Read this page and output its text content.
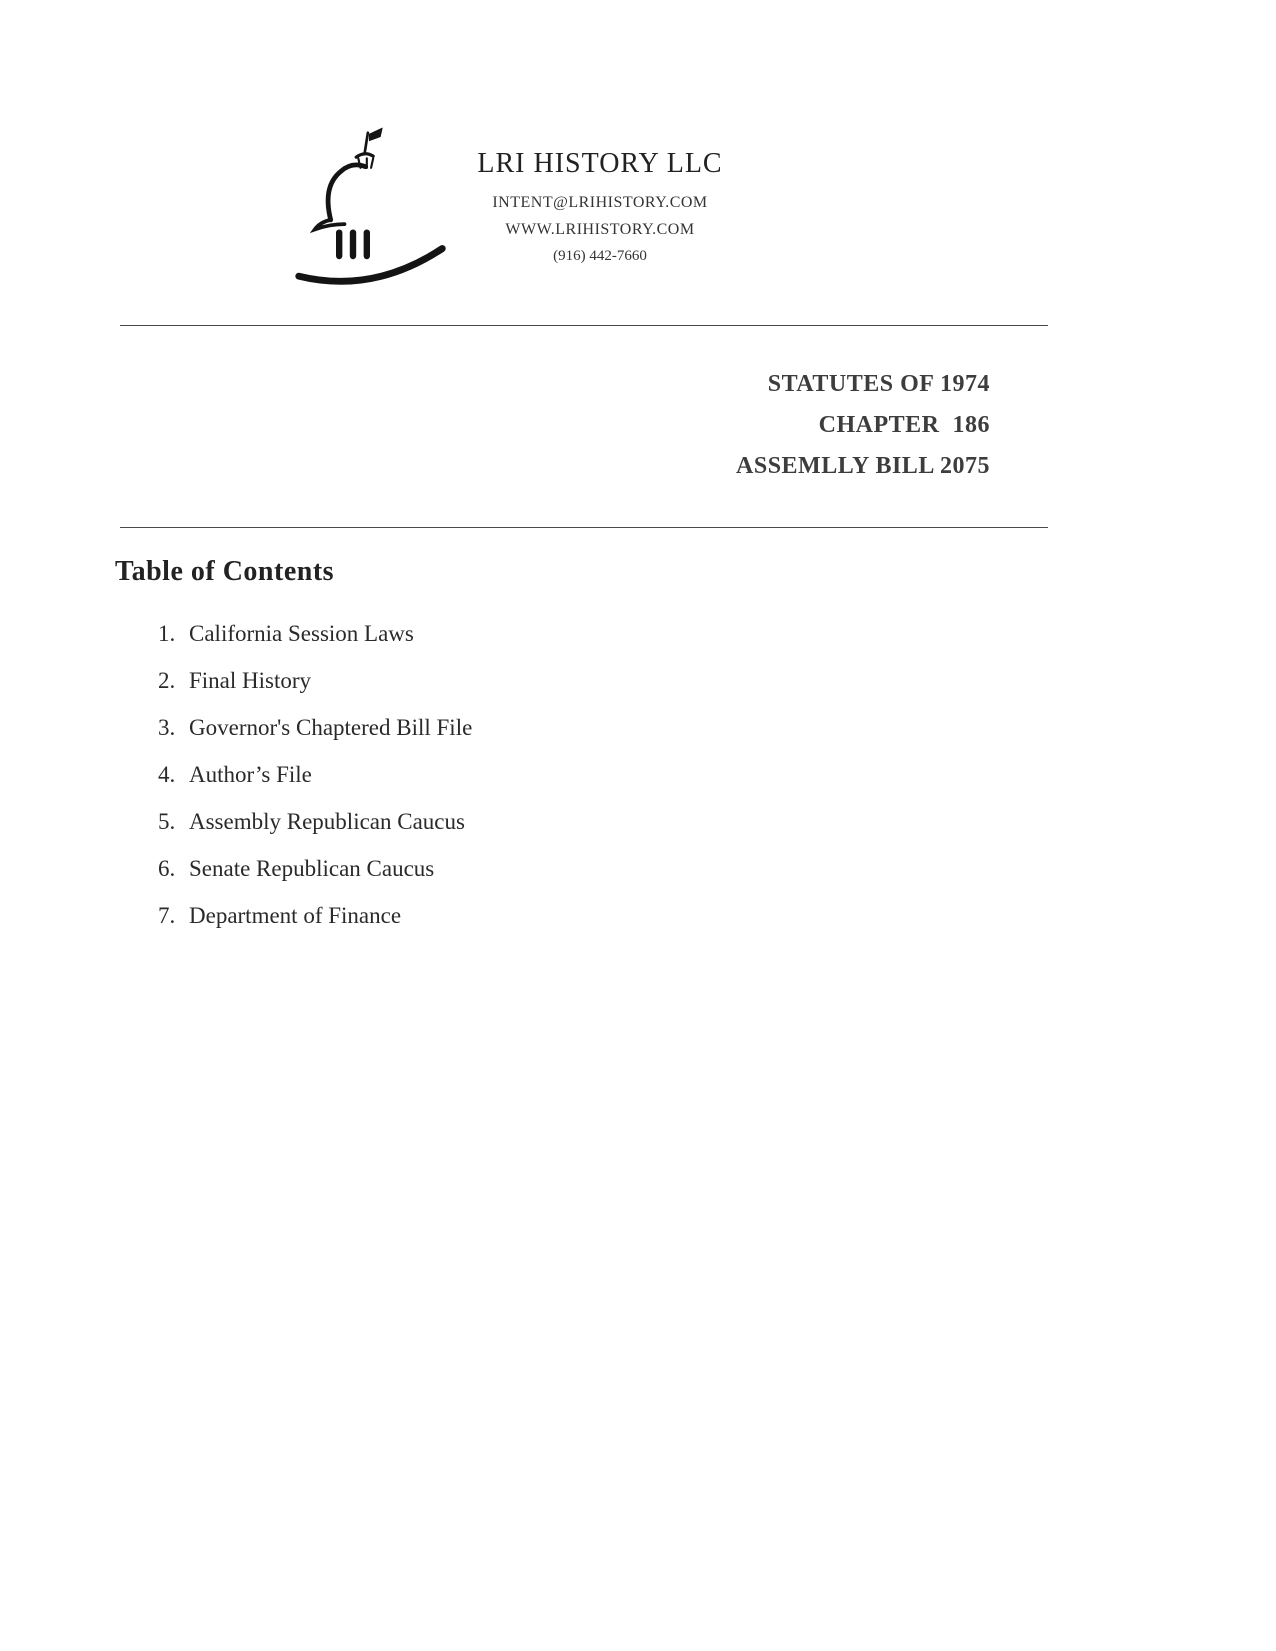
LRI HISTORY LLC
INTENT@LRIHISTORY.COM
WWW.LRIHISTORY.COM
(916) 442-7660
STATUTES OF 1974
CHAPTER  186
ASSEMLLY BILL 2075
Table of Contents
1. California Session Laws
2. Final History
3. Governor's Chaptered Bill File
4. Author’s File
5. Assembly Republican Caucus
6. Senate Republican Caucus
7. Department of Finance
